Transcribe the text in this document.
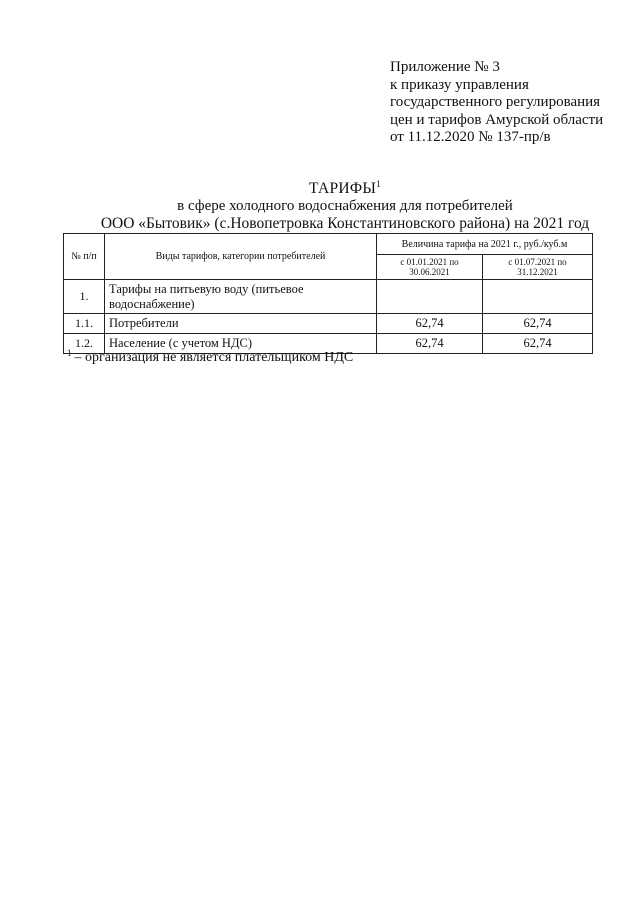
Приложение № 3
к приказу управления
государственного регулирования
цен и тарифов Амурской области
от 11.12.2020 № 137-пр/в
ТАРИФЫ$^1$
в сфере холодного водоснабжения для потребителей
ООО «Бытовик» (с.Новопетровка Константиновского района) на 2021 год
№ п/п	Виды тарифов, категории потребителей	Величина тарифа на 2021 г., руб./куб.м	
		с 01.01.2021 по 30.06.2021	с 01.07.2021 по 31.12.2021
1.	Тарифы на питьевую воду (питьевое водоснабжение)		
1.1.	Потребители	62,74	62,74
1.2.	Население (с учетом НДС)	62,74	62,74
$^1$ – организация не является плательщиком НДС
